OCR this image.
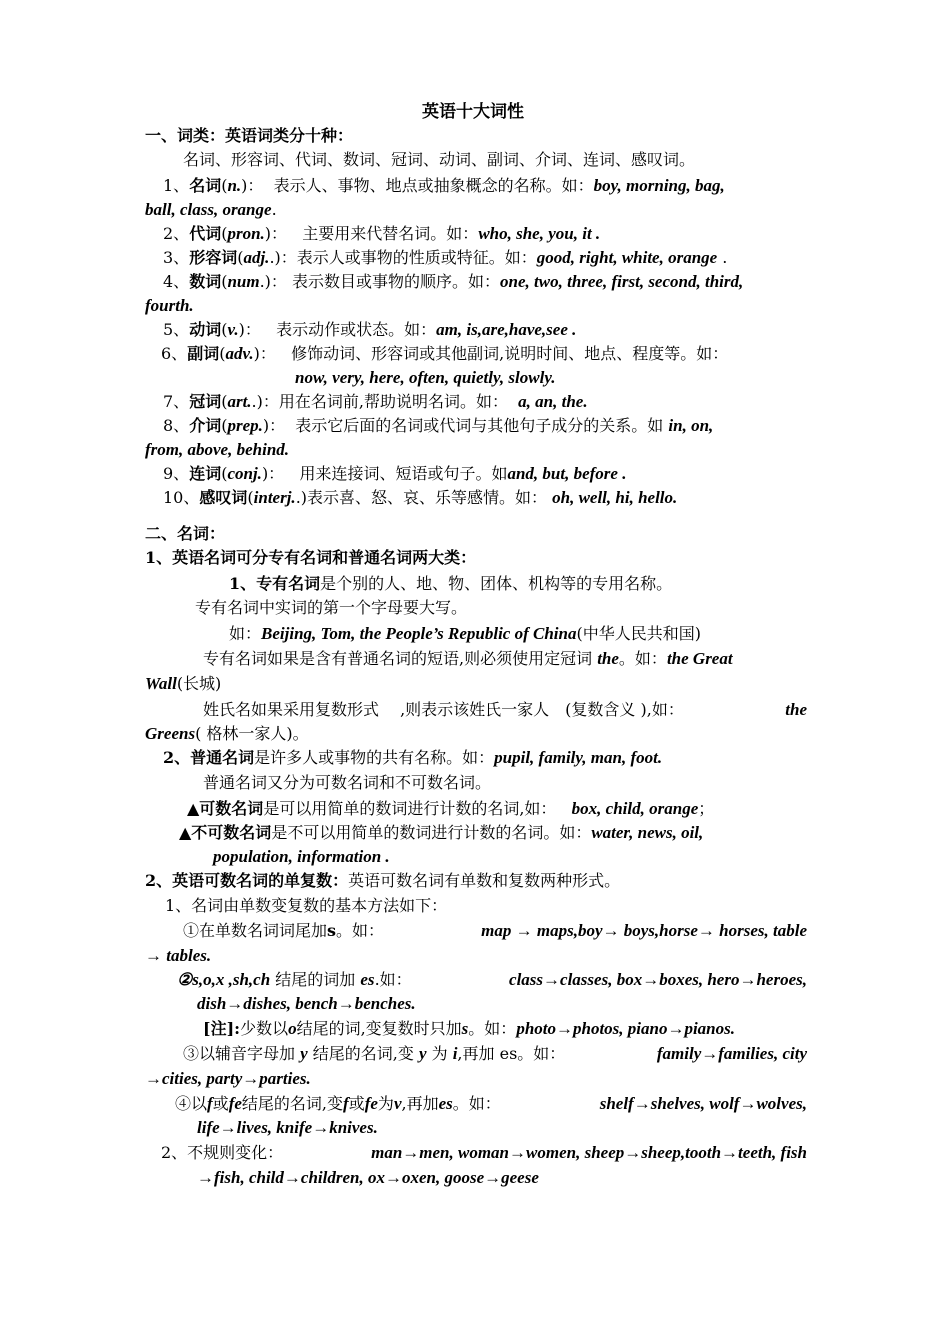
英语十大词性
一、词类：英语词类分十种：
名词、形容词、代词、数词、冠词、动词、副词、介词、连词、感叹词。
1、名词(n.)：  表示人、事物、地点或抽象概念的名称。如：boy, morning, bag,
ball, class, orange.
2、代词(pron.)：   主要用来代替名词。如：who, she, you, it .
3、形容词(adj..)：表示人或事物的性质或特征。如：good, right, white, orange .
4、数词(num.)： 表示数目或事物的顺序。如：one, two, three, first, second, third,
fourth.
5、动词(v.)：   表示动作或状态。如：am, is,are,have,see .
6、副词(adv.)：   修饰动词、形容词或其他副词,说明时间、地点、程度等。如：
now, very, here, often, quietly, slowly.
7、冠词(art..)：用在名词前,帮助说明名词。如： a, an, the.
8、介词(prep.)：  表示它后面的名词或代词与其他句子成分的关系。如 in, on,
from, above, behind.
9、连词(conj.)：   用来连接词、短语或句子。如and, but, before .
10、感叹词(interj..)表示喜、怒、哀、乐等感情。如： oh, well, hi, hello.
二、名词：
1、英语名词可分专有名词和普通名词两大类：
1、专有名词是个别的人、地、物、团体、机构等的专用名称。
专有名词中实词的第一个字母要大写。
如：Beijing, Tom, the People’s Republic of China(中华人民共和国)
专有名词如果是含有普通名词的短语,则必须使用定冠词 the。如：the Great
Wall(长城)
姓氏名如果采用复数形式　 ,则表示该姓氏一家人　(复数含义 ),如：	the
Greens( 格林一家人)。
2、普通名词是许多人或事物的共有名称。如：pupil, family, man, foot.
普通名词又分为可数名词和不可数名词。
▲可数名词是可以用简单的数词进行计数的名词,如： box, child, orange；
▲不可数名词是不可以用简单的数词进行计数的名词。如：water, news, oil,
population, information .
2、英语可数名词的单复数：英语可数名词有单数和复数两种形式。
1、名词由单数变复数的基本方法如下：
①在单数名词词尾加s。如：	map → maps,boy→ boys,horse→ horses, table
→ tables.
②s,o,x ,sh,ch 结尾的词加 es.如：	class→classes, box→boxes, hero→heroes,
dish→dishes, bench→benches.
[注]:少数以o结尾的词,变复数时只加s。如：photo→photos, piano→pianos.
③以辅音字母加 y 结尾的名词,变 y 为 i,再加 es。如：	family→families, city
→cities, party→parties.
④以f或fe结尾的名词,变f或fe为v,再加es。如：	shelf→shelves, wolf→wolves,
life→lives, knife→knives.
2、不规则变化：	man→men, woman→women, sheep→sheep,tooth→teeth, fish
→fish, child→children, ox→oxen, goose→geese
